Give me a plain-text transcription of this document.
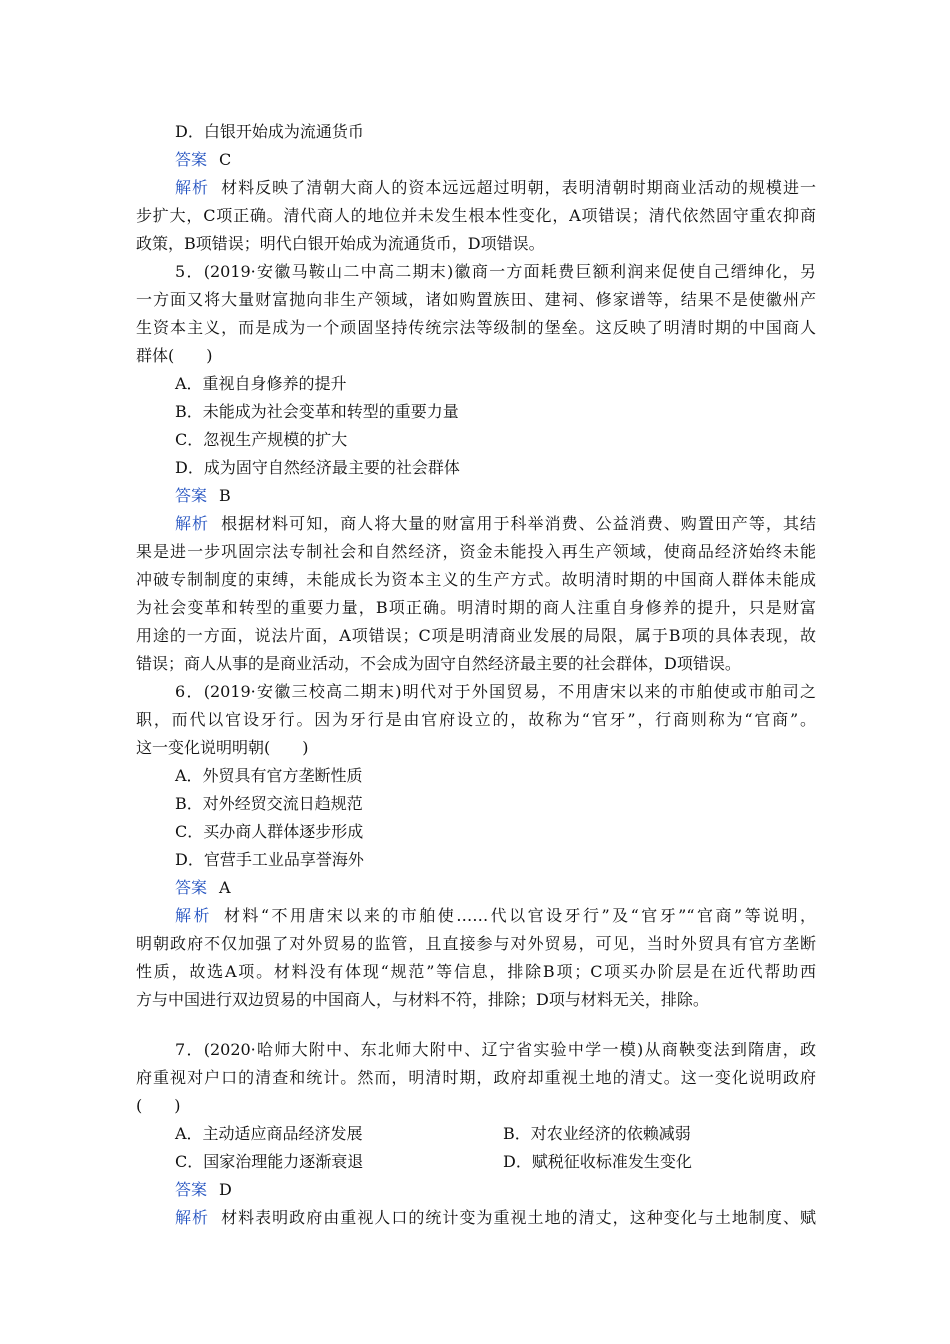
D．白银开始成为流通货币
答案 C
解析 材料反映了清朝大商人的资本远远超过明朝，表明清朝时期商业活动的规模进一
步扩大，C项正确。清代商人的地位并未发生根本性变化，A项错误；清代依然固守重农抑商
政策，B项错误；明代白银开始成为流通货币，D项错误。
5．(2019·安徽马鞍山二中高二期末)徽商一方面耗费巨额利润来促使自己缙绅化，另
一方面又将大量财富抛向非生产领域，诸如购置族田、建祠、修家谱等，结果不是使徽州产
生资本主义，而是成为一个顽固坚持传统宗法等级制的堡垒。这反映了明清时期的中国商人
群体(　　)
A．重视自身修养的提升
B．未能成为社会变革和转型的重要力量
C．忽视生产规模的扩大
D．成为固守自然经济最主要的社会群体
答案 B
解析 根据材料可知，商人将大量的财富用于科举消费、公益消费、购置田产等，其结
果是进一步巩固宗法专制社会和自然经济，资金未能投入再生产领域，使商品经济始终未能
冲破专制制度的束缚，未能成长为资本主义的生产方式。故明清时期的中国商人群体未能成
为社会变革和转型的重要力量，B项正确。明清时期的商人注重自身修养的提升，只是财富
用途的一方面，说法片面，A项错误；C项是明清商业发展的局限，属于B项的具体表现，故
错误；商人从事的是商业活动，不会成为固守自然经济最主要的社会群体，D项错误。
6．(2019·安徽三校高二期末)明代对于外国贸易，不用唐宋以来的市舶使或市舶司之
职，而代以官设牙行。因为牙行是由官府设立的，故称为“官牙”，行商则称为“官商”。
这一变化说明明朝(　　)
A．外贸具有官方垄断性质
B．对外经贸交流日趋规范
C．买办商人群体逐步形成
D．官营手工业品享誉海外
答案 A
解析 材料“不用唐宋以来的市舶使……代以官设牙行”及“官牙”“官商”等说明，
明朝政府不仅加强了对外贸易的监管，且直接参与对外贸易，可见，当时外贸具有官方垄断
性质，故选A项。材料没有体现“规范”等信息，排除B项；C项买办阶层是在近代帮助西
方与中国进行双边贸易的中国商人，与材料不符，排除；D项与材料无关，排除。
7．(2020·哈师大附中、东北师大附中、辽宁省实验中学一模)从商鞅变法到隋唐，政
府重视对户口的清查和统计。然而，明清时期，政府却重视土地的清丈。这一变化说明政府
(　　)
A．主动适应商品经济发展	B．对农业经济的依赖减弱
C．国家治理能力逐渐衰退	D．赋税征收标准发生变化
答案 D
解析 材料表明政府由重视人口的统计变为重视土地的清丈，这种变化与土地制度、赋
